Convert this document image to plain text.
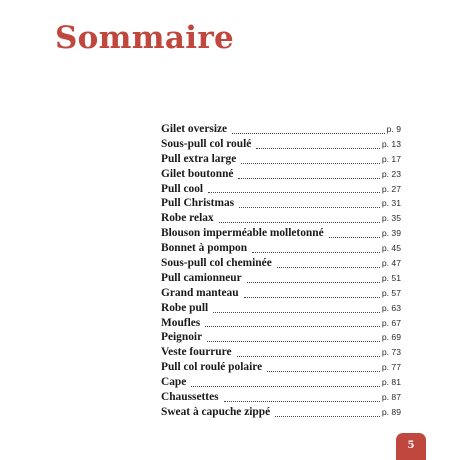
Sommaire
Gilet oversize	p. 9
Sous-pull col roulé	p. 13
Pull extra large	p. 17
Gilet boutonné	p. 23
Pull cool	p. 27
Pull Christmas	p. 31
Robe relax	p. 35
Blouson imperméable molletonné	p. 39
Bonnet à pompon	p. 45
Sous-pull col cheminée	p. 47
Pull camionneur	p. 51
Grand manteau	p. 57
Robe pull	p. 63
Moufles	p. 67
Peignoir	p. 69
Veste fourrure	p. 73
Pull col roulé polaire	p. 77
Cape	p. 81
Chaussettes	p. 87
Sweat à capuche zippé	p. 89
5
